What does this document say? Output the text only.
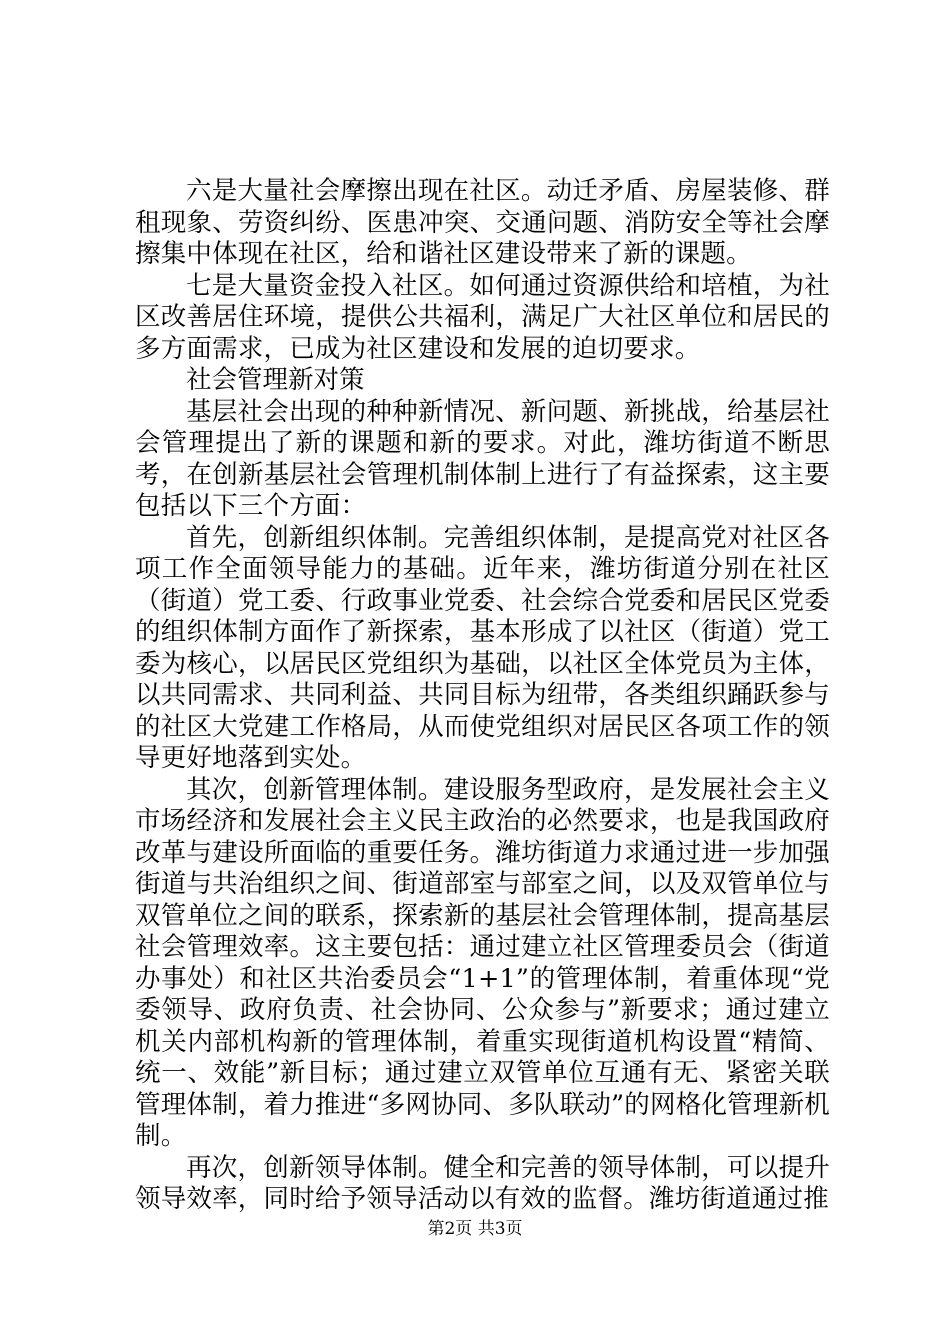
六是大量社会摩擦出现在社区。动迁矛盾、房屋装修、群租现象、劳资纠纷、医患冲突、交通问题、消防安全等社会摩擦集中体现在社区，给和谐社区建设带来了新的课题。

七是大量资金投入社区。如何通过资源供给和培植，为社区改善居住环境，提供公共福利，满足广大社区单位和居民的多方面需求，已成为社区建设和发展的迫切要求。

社会管理新对策

基层社会出现的种种新情况、新问题、新挑战，给基层社会管理提出了新的课题和新的要求。对此，潍坊街道不断思考，在创新基层社会管理机制体制上进行了有益探索，这主要包括以下三个方面：

首先，创新组织体制。完善组织体制，是提高党对社区各项工作全面领导能力的基础。近年来，潍坊街道分别在社区（街道）党工委、行政事业党委、社会综合党委和居民区党委的组织体制方面作了新探索，基本形成了以社区（街道）党工委为核心，以居民区党组织为基础，以社区全体党员为主体，以共同需求、共同利益、共同目标为纽带，各类组织踊跃参与的社区大党建工作格局，从而使党组织对居民区各项工作的领导更好地落到实处。

其次，创新管理体制。建设服务型政府，是发展社会主义市场经济和发展社会主义民主政治的必然要求，也是我国政府改革与建设所面临的重要任务。潍坊街道力求通过进一步加强街道与共治组织之间、街道部室与部室之间，以及双管单位与双管单位之间的联系，探索新的基层社会管理体制，提高基层社会管理效率。这主要包括：通过建立社区管理委员会（街道办事处）和社区共治委员会“1+1”的管理体制，着重体现“党委领导、政府负责、社会协同、公众参与”新要求；通过建立机关内部机构新的管理体制，着重实现街道机构设置“精简、统一、效能”新目标；通过建立双管单位互通有无、紧密关联管理体制，着力推进“多网协同、多队联动”的网格化管理新机制。

再次，创新领导体制。健全和完善的领导体制，可以提升领导效率，同时给予领导活动以有效的监督。潍坊街道通过推

第2页 共3页
